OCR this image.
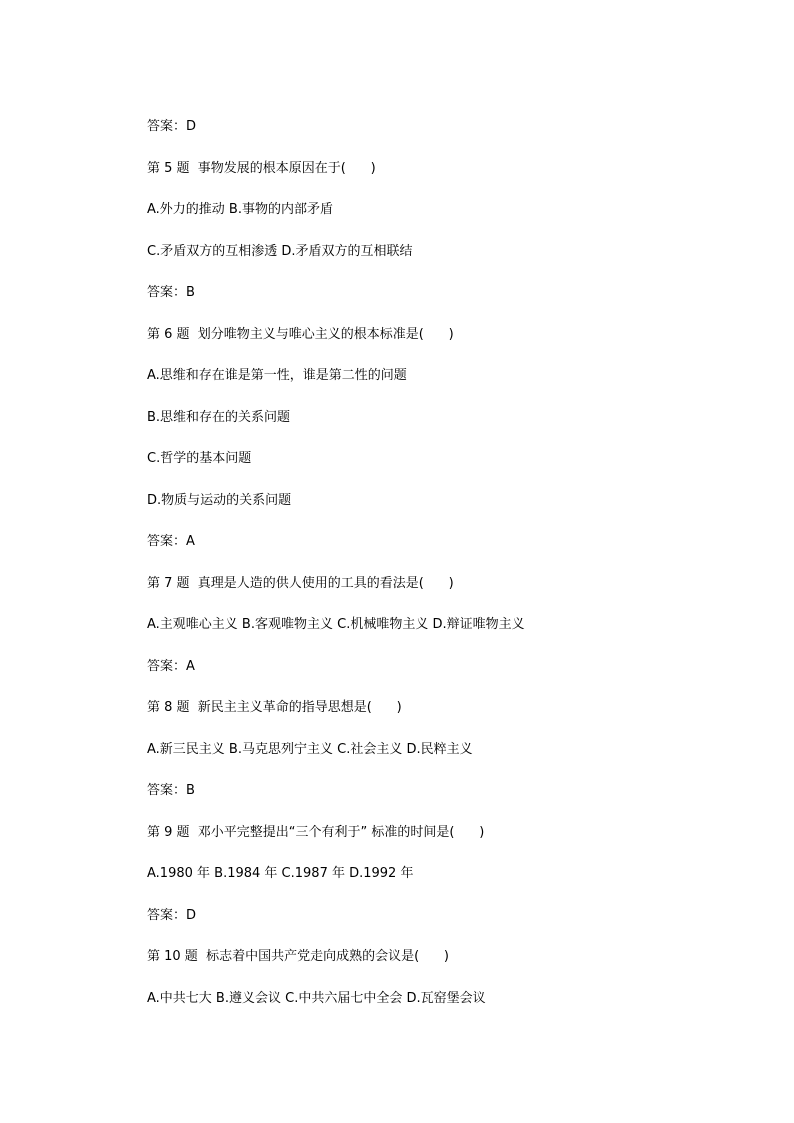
答案：D
第 5 题  事物发展的根本原因在于(      )
A.外力的推动 B.事物的内部矛盾
C.矛盾双方的互相渗透 D.矛盾双方的互相联结
答案：B
第 6 题  划分唯物主义与唯心主义的根本标准是(      )
A.思维和存在谁是第一性，谁是第二性的问题
B.思维和存在的关系问题
C.哲学的基本问题
D.物质与运动的关系问题
答案：A
第 7 题  真理是人造的供人使用的工具的看法是(      )
A.主观唯心主义 B.客观唯物主义 C.机械唯物主义 D.辩证唯物主义
答案：A
第 8 题  新民主主义革命的指导思想是(      )
A.新三民主义 B.马克思列宁主义 C.社会主义 D.民粹主义
答案：B
第 9 题  邓小平完整提出“三个有利于” 标准的时间是(      )
A.1980 年 B.1984 年 C.1987 年 D.1992 年
答案：D
第 10 题  标志着中国共产党走向成熟的会议是(      )
A.中共七大 B.遵义会议 C.中共六届七中全会 D.瓦窑堡会议
